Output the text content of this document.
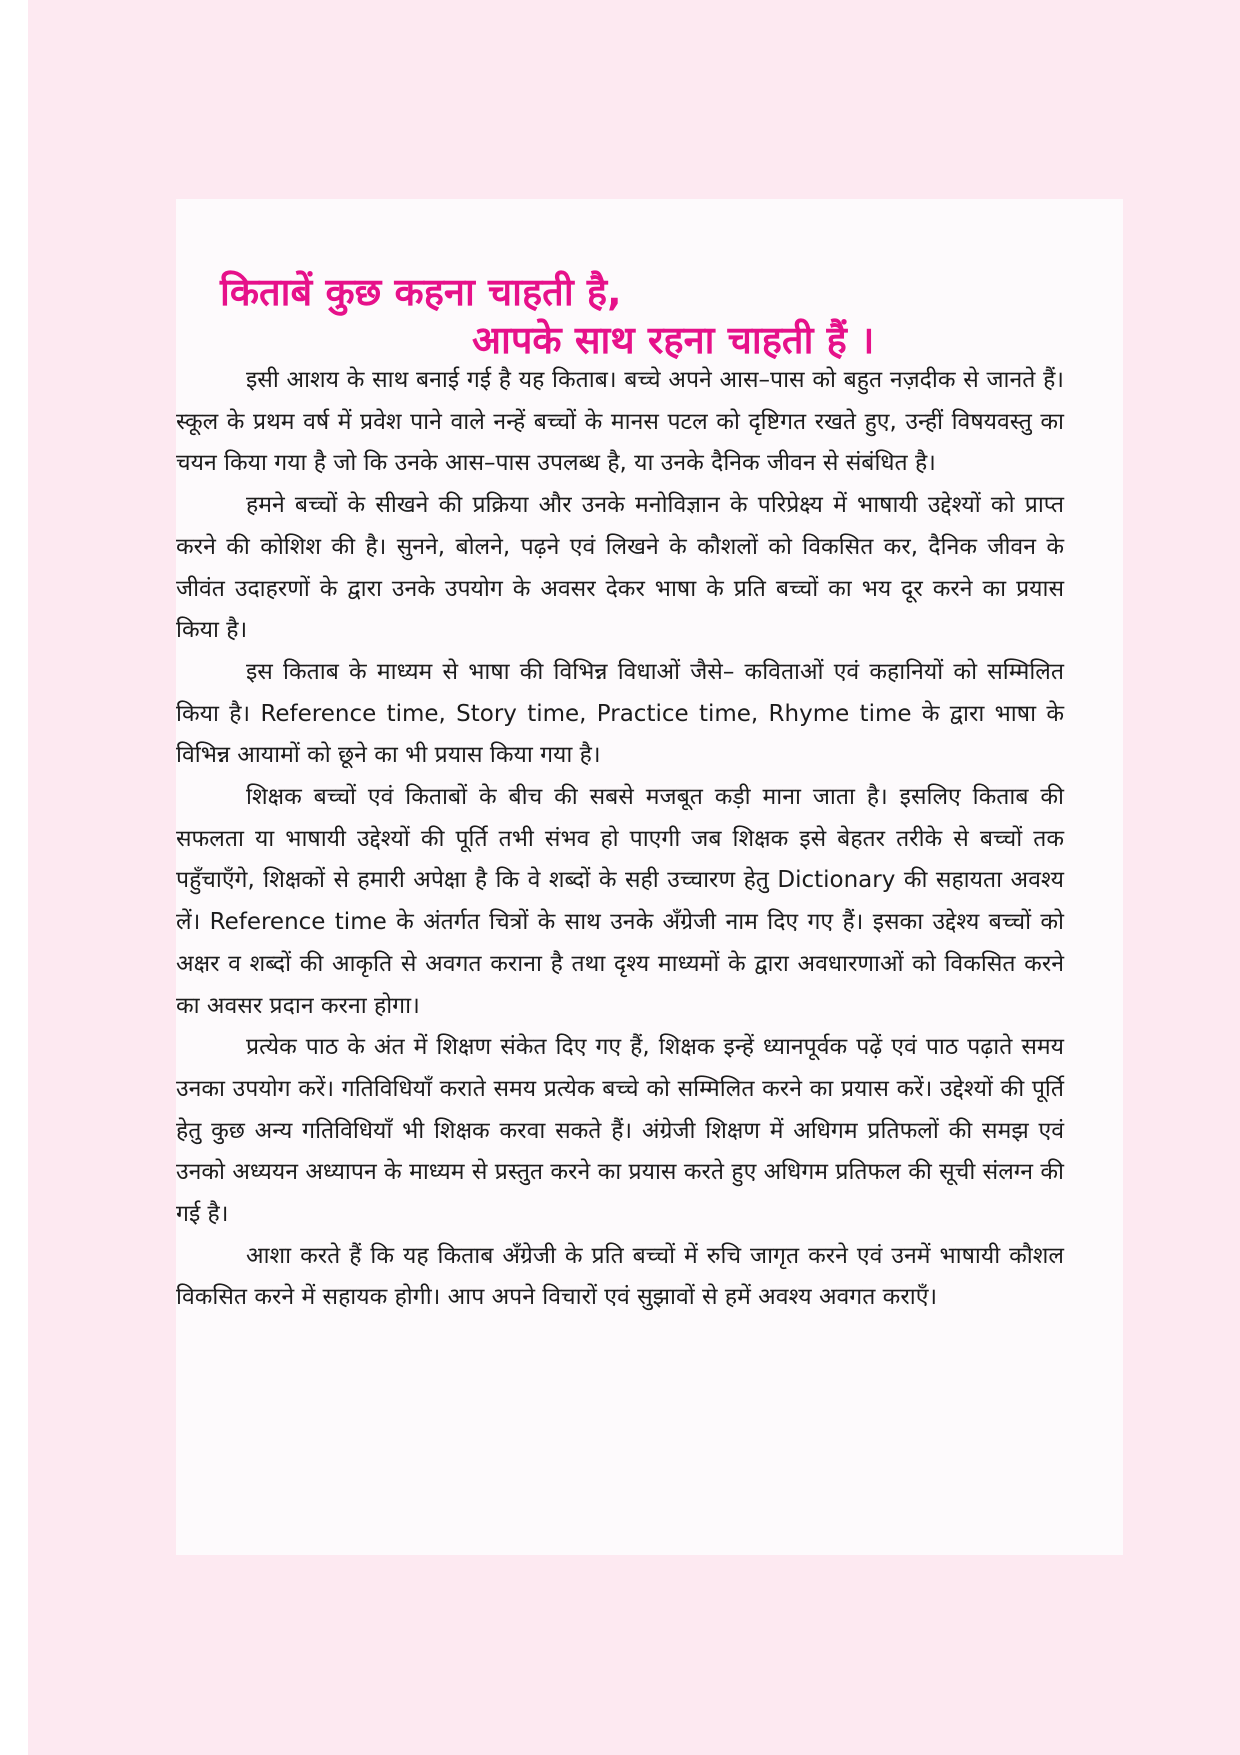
किताबें कुछ कहना चाहती है,
आपके साथ रहना चाहती हैं ।

इसी आशय के साथ बनाई गई है यह किताब। बच्चे अपने आस–पास को बहुत नज़दीक से जानते हैं। स्कूल के प्रथम वर्ष में प्रवेश पाने वाले नन्हें बच्चों के मानस पटल को दृष्टिगत रखते हुए, उन्हीं विषयवस्तु का चयन किया गया है जो कि उनके आस–पास उपलब्ध है, या उनके दैनिक जीवन से संबंधित है।

हमने बच्चों के सीखने की प्रक्रिया और उनके मनोविज्ञान के परिप्रेक्ष्य में भाषायी उद्देश्यों को प्राप्त करने की कोशिश की है। सुनने, बोलने, पढ़ने एवं लिखने के कौशलों को विकसित कर, दैनिक जीवन के जीवंत उदाहरणों के द्वारा उनके उपयोग के अवसर देकर भाषा के प्रति बच्चों का भय दूर करने का प्रयास किया है।

इस किताब के माध्यम से भाषा की विभिन्न विधाओं जैसे– कविताओं एवं कहानियों को सम्मिलित किया है। Reference time, Story time, Practice time, Rhyme time के द्वारा भाषा के विभिन्न आयामों को छूने का भी प्रयास किया गया है।

शिक्षक बच्चों एवं किताबों के बीच की सबसे मजबूत कड़ी माना जाता है। इसलिए किताब की सफलता या भाषायी उद्देश्यों की पूर्ति तभी संभव हो पाएगी जब शिक्षक इसे बेहतर तरीके से बच्चों तक पहुँचाएँगे, शिक्षकों से हमारी अपेक्षा है कि वे शब्दों के सही उच्चारण हेतु Dictionary की सहायता अवश्य लें। Reference time के अंतर्गत चित्रों के साथ उनके अँग्रेजी नाम दिए गए हैं। इसका उद्देश्य बच्चों को अक्षर व शब्दों की आकृति से अवगत कराना है तथा दृश्य माध्यमों के द्वारा अवधारणाओं को विकसित करने का अवसर प्रदान करना होगा।

प्रत्येक पाठ के अंत में शिक्षण संकेत दिए गए हैं, शिक्षक इन्हें ध्यानपूर्वक पढ़ें एवं पाठ पढ़ाते समय उनका उपयोग करें। गतिविधियाँ कराते समय प्रत्येक बच्चे को सम्मिलित करने का प्रयास करें। उद्देश्यों की पूर्ति हेतु कुछ अन्य गतिविधियाँ भी शिक्षक करवा सकते हैं। अंग्रेजी शिक्षण में अधिगम प्रतिफलों की समझ एवं उनको अध्ययन अध्यापन के माध्यम से प्रस्तुत करने का प्रयास करते हुए अधिगम प्रतिफल की सूची संलग्न की गई है।

आशा करते हैं कि यह किताब अँग्रेजी के प्रति बच्चों में रुचि जागृत करने एवं उनमें भाषायी कौशल विकसित करने में सहायक होगी। आप अपने विचारों एवं सुझावों से हमें अवश्य अवगत कराएँ।
